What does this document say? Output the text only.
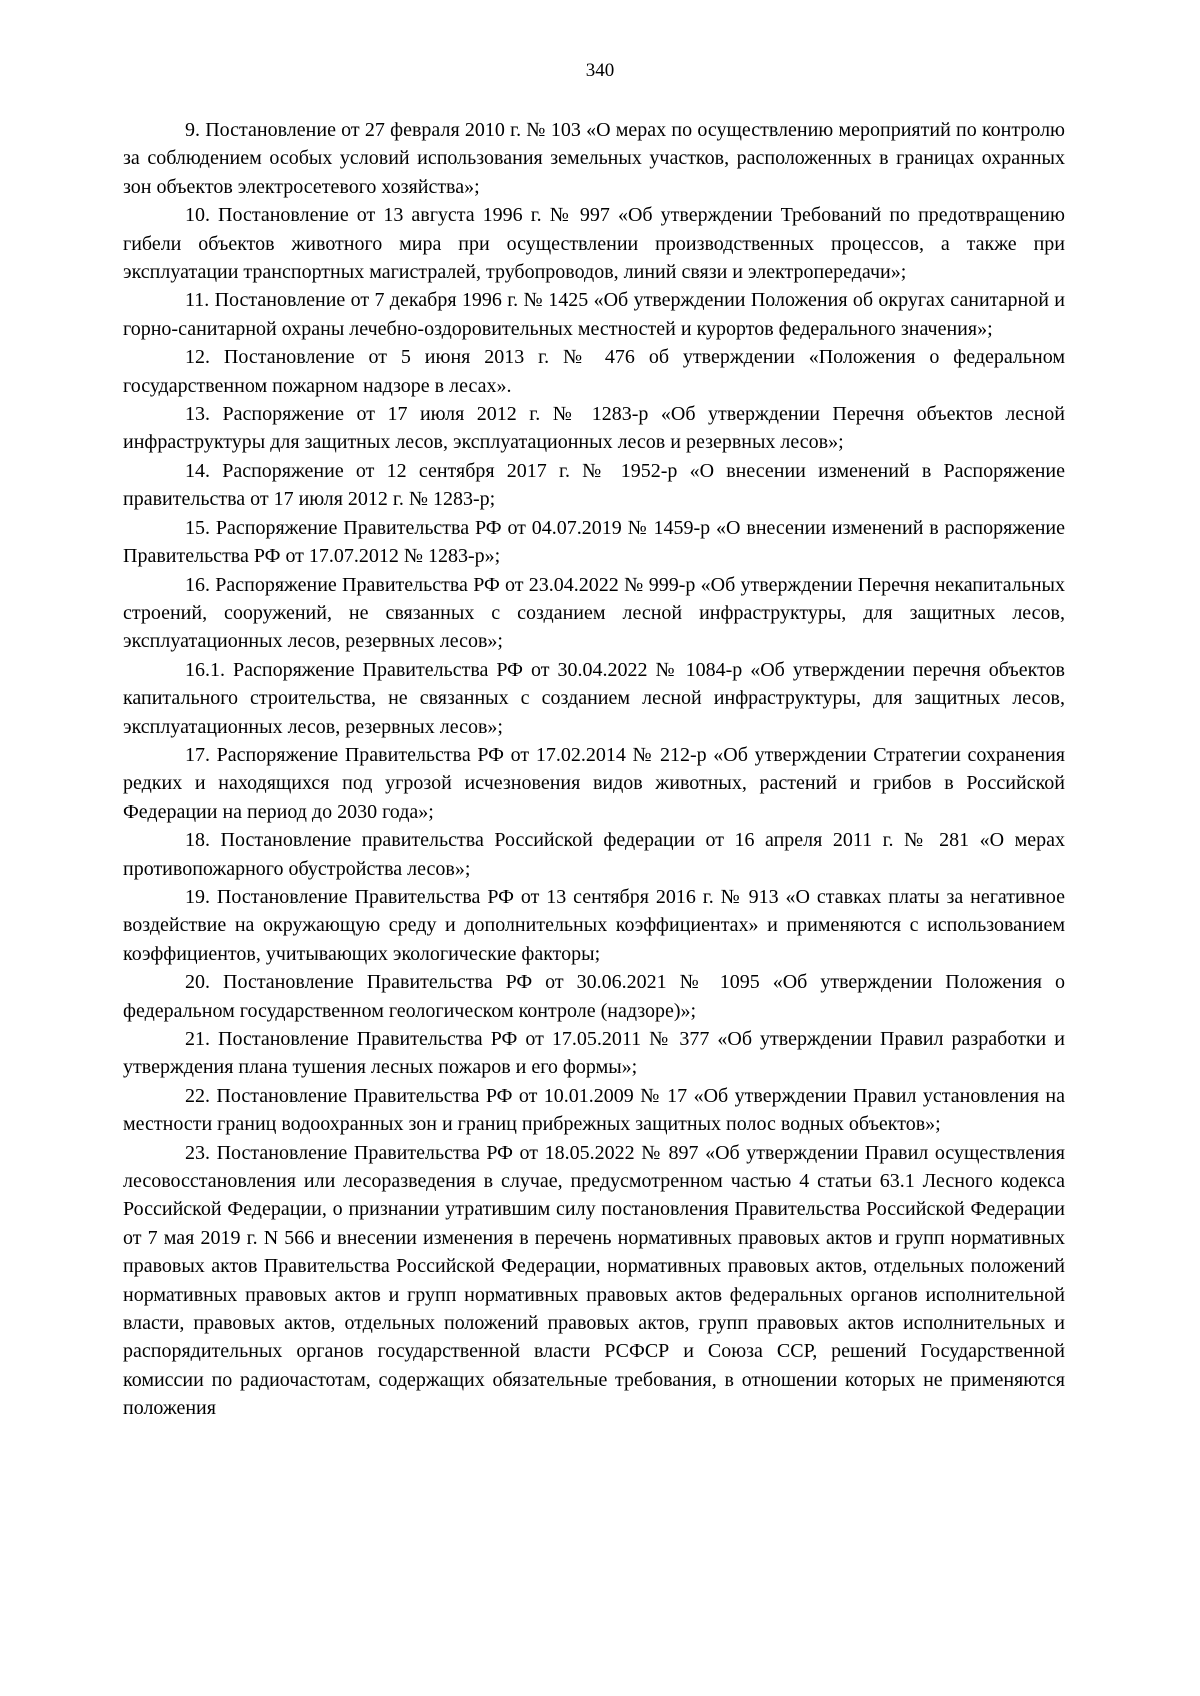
340

9. Постановление от 27 февраля 2010 г. № 103 «О мерах по осуществлению мероприятий по контролю за соблюдением особых условий использования земельных участков, расположенных в границах охранных зон объектов электросетевого хозяйства»;

10. Постановление от 13 августа 1996 г. № 997 «Об утверждении Требований по предотвращению гибели объектов животного мира при осуществлении производственных процессов, а также при эксплуатации транспортных магистралей, трубопроводов, линий связи и электропередачи»;

11. Постановление от 7 декабря 1996 г. № 1425 «Об утверждении Положения об округах санитарной и горно-санитарной охраны лечебно-оздоровительных местностей и курортов федерального значения»;

12. Постановление от 5 июня 2013 г. № 476 об утверждении «Положения о федеральном государственном пожарном надзоре в лесах».

13. Распоряжение от 17 июля 2012 г. № 1283-р «Об утверждении Перечня объектов лесной инфраструктуры для защитных лесов, эксплуатационных лесов и резервных лесов»;

14. Распоряжение от 12 сентября 2017 г. № 1952-р «О внесении изменений в Распоряжение правительства от 17 июля 2012 г. № 1283-р;

15. Распоряжение Правительства РФ от 04.07.2019 № 1459-р «О внесении изменений в распоряжение Правительства РФ от 17.07.2012 № 1283-р»;

16. Распоряжение Правительства РФ от 23.04.2022 № 999-р «Об утверждении Перечня некапитальных строений, сооружений, не связанных с созданием лесной инфраструктуры, для защитных лесов, эксплуатационных лесов, резервных лесов»;

16.1. Распоряжение Правительства РФ от 30.04.2022 № 1084-р «Об утверждении перечня объектов капитального строительства, не связанных с созданием лесной инфраструктуры, для защитных лесов, эксплуатационных лесов, резервных лесов»;

17. Распоряжение Правительства РФ от 17.02.2014 № 212-р «Об утверждении Стратегии сохранения редких и находящихся под угрозой исчезновения видов животных, растений и грибов в Российской Федерации на период до 2030 года»;

18. Постановление правительства Российской федерации от 16 апреля 2011 г. № 281 «О мерах противопожарного обустройства лесов»;

19. Постановление Правительства РФ от 13 сентября 2016 г. № 913 «О ставках платы за негативное воздействие на окружающую среду и дополнительных коэффициентах» и применяются с использованием коэффициентов, учитывающих экологические факторы;

20. Постановление Правительства РФ от 30.06.2021 № 1095 «Об утверждении Положения о федеральном государственном геологическом контроле (надзоре)»;

21. Постановление Правительства РФ от 17.05.2011 № 377 «Об утверждении Правил разработки и утверждения плана тушения лесных пожаров и его формы»;

22. Постановление Правительства РФ от 10.01.2009 № 17 «Об утверждении Правил установления на местности границ водоохранных зон и границ прибрежных защитных полос водных объектов»;

23. Постановление Правительства РФ от 18.05.2022 № 897 «Об утверждении Правил осуществления лесовосстановления или лесоразведения в случае, предусмотренном частью 4 статьи 63.1 Лесного кодекса Российской Федерации, о признании утратившим силу постановления Правительства Российской Федерации от 7 мая 2019 г. N 566 и внесении изменения в перечень нормативных правовых актов и групп нормативных правовых актов Правительства Российской Федерации, нормативных правовых актов, отдельных положений нормативных правовых актов и групп нормативных правовых актов федеральных органов исполнительной власти, правовых актов, отдельных положений правовых актов, групп правовых актов исполнительных и распорядительных органов государственной власти РСФСР и Союза ССР, решений Государственной комиссии по радиочастотам, содержащих обязательные требования, в отношении которых не применяются положения
